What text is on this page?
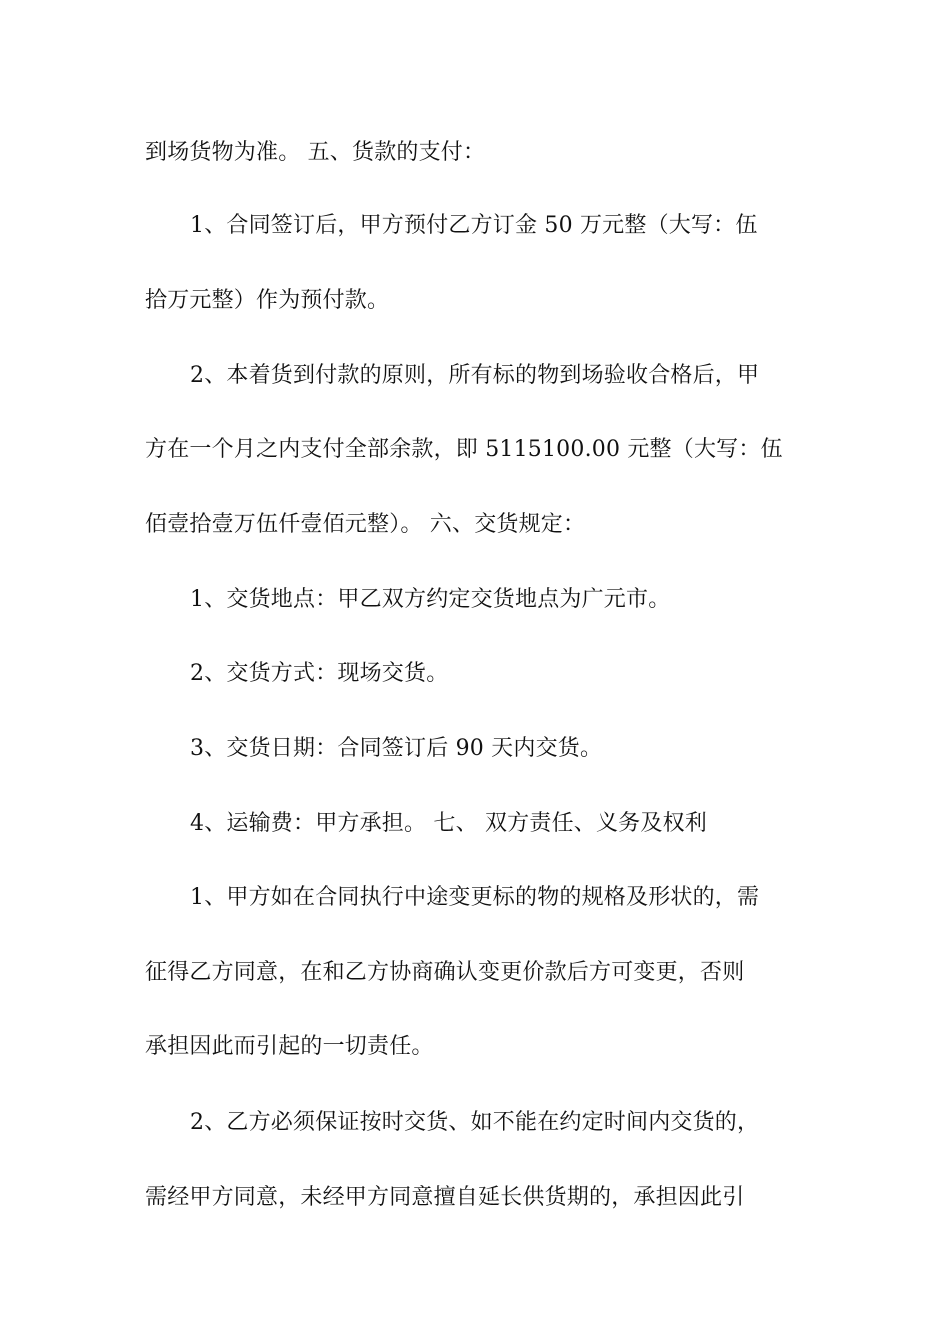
到场货物为准。 五、货款的支付：
1、合同签订后，甲方预付乙方订金 50 万元整（大写：伍
拾万元整）作为预付款。
2、本着货到付款的原则，所有标的物到场验收合格后，甲
方在一个月之内支付全部余款，即 5115100.00 元整（大写：伍
佰壹拾壹万伍仟壹佰元整）。 六、交货规定：
1、交货地点：甲乙双方约定交货地点为广元市。
2、交货方式：现场交货。
3、交货日期：合同签订后 90 天内交货。
4、运输费：甲方承担。 七、 双方责任、义务及权利
1、甲方如在合同执行中途变更标的物的规格及形状的，需
征得乙方同意，在和乙方协商确认变更价款后方可变更，否则
承担因此而引起的一切责任。
2、乙方必须保证按时交货、如不能在约定时间内交货的，
需经甲方同意，未经甲方同意擅自延长供货期的，承担因此引
